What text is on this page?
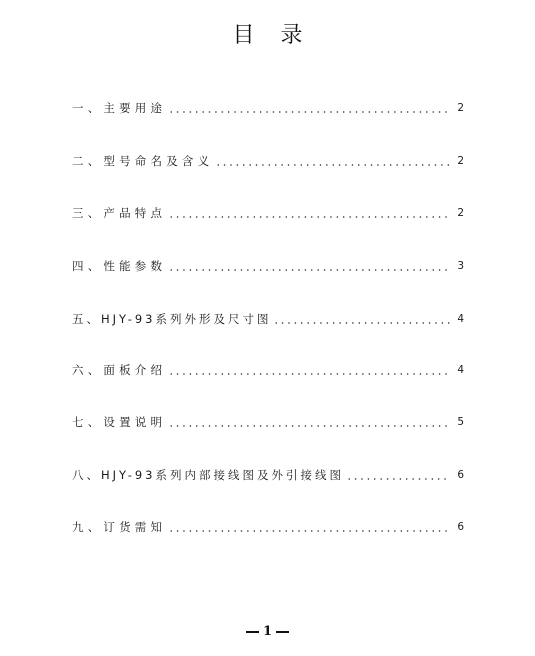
目录
一、主要用途	2
二、型号命名及含义	2
三、产品特点	2
四、性能参数	3
五、HJY-93系列外形及尺寸图	4
六、面板介绍	4
七、设置说明	5
八、HJY-93系列内部接线图及外引接线图	6
九、订货需知	6
1
